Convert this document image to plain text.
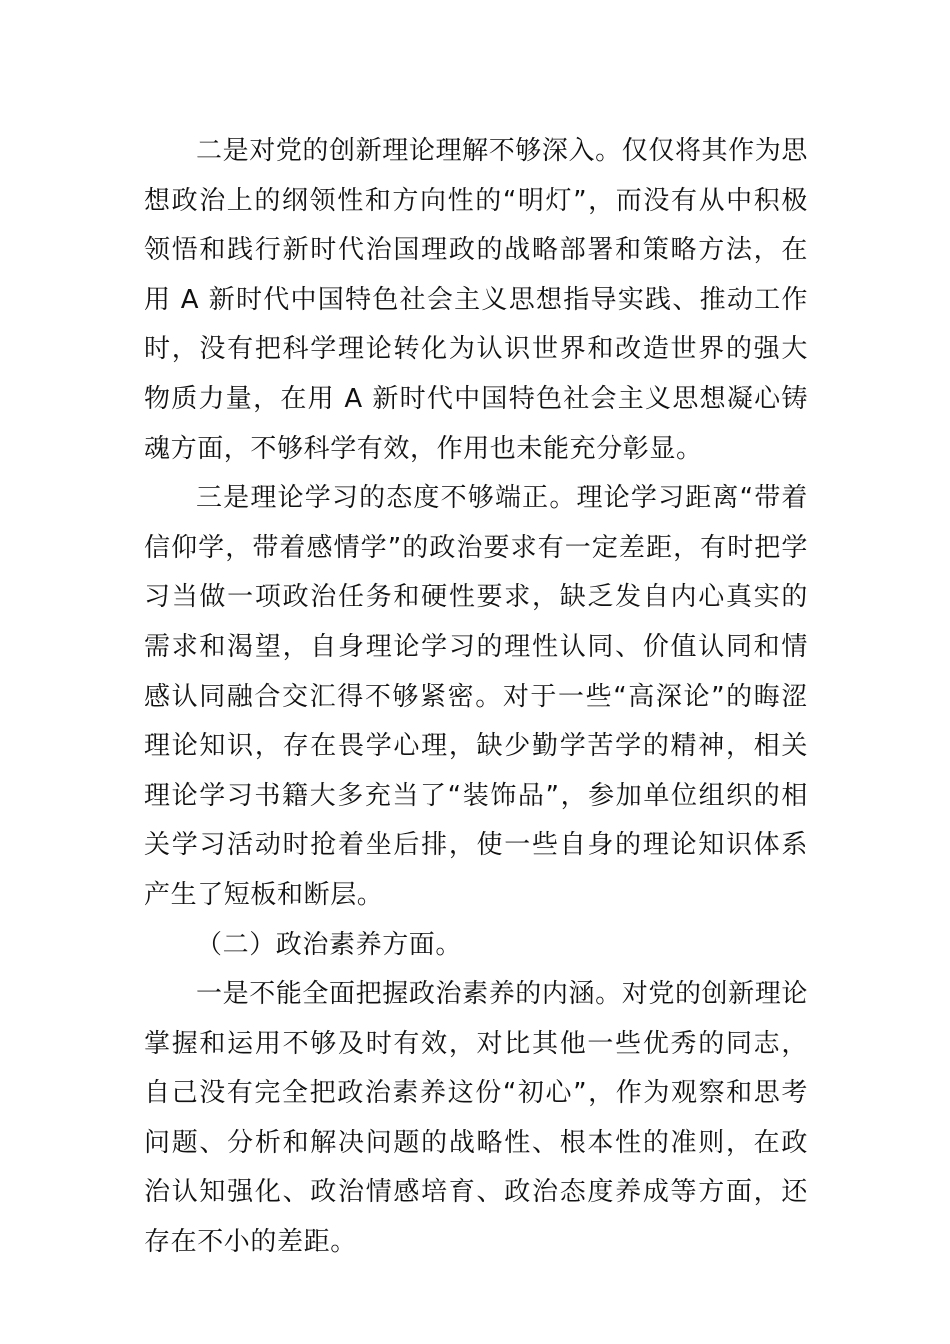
二是对党的创新理论理解不够深入。仅仅将其作为思想政治上的纲领性和方向性的“明灯”，而没有从中积极领悟和践行新时代治国理政的战略部署和策略方法，在用 A 新时代中国特色社会主义思想指导实践、推动工作时，没有把科学理论转化为认识世界和改造世界的强大物质力量，在用 A 新时代中国特色社会主义思想凝心铸魂方面，不够科学有效，作用也未能充分彰显。

三是理论学习的态度不够端正。理论学习距离“带着信仰学，带着感情学”的政治要求有一定差距，有时把学习当做一项政治任务和硬性要求，缺乏发自内心真实的需求和渴望，自身理论学习的理性认同、价值认同和情感认同融合交汇得不够紧密。对于一些“高深论”的晦涩理论知识，存在畏学心理，缺少勤学苦学的精神，相关理论学习书籍大多充当了“装饰品”，参加单位组织的相关学习活动时抢着坐后排，使一些自身的理论知识体系产生了短板和断层。

（二）政治素养方面。

一是不能全面把握政治素养的内涵。对党的创新理论掌握和运用不够及时有效，对比其他一些优秀的同志，自己没有完全把政治素养这份“初心”，作为观察和思考问题、分析和解决问题的战略性、根本性的准则，在政治认知强化、政治情感培育、政治态度养成等方面，还存在不小的差距。
